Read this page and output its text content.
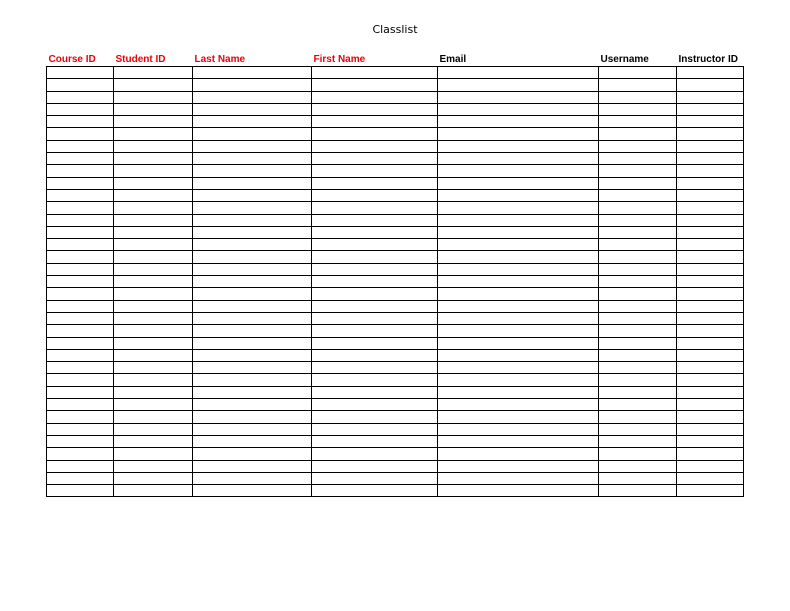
Classlist
Course ID	Student ID	Last Name	First Name	Email	Username	Instructor ID
